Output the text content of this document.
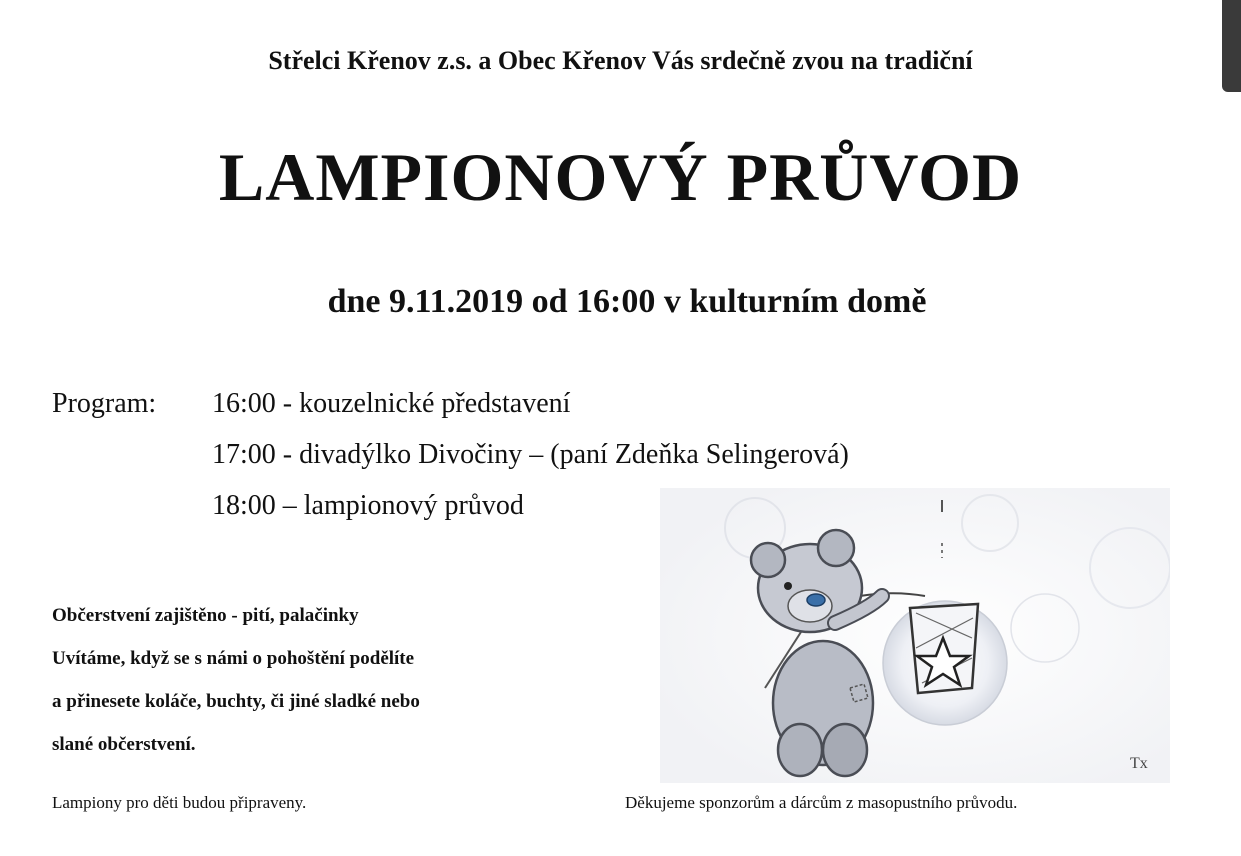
Střelci Křenov z.s. a Obec Křenov Vás srdečně zvou na tradiční
LAMPIONOVÝ PRŮVOD
dne 9.11.2019 od 16:00 v kulturním domě
Program: 16:00 - kouzelnické představení
17:00 - divadýlko Divočiny – (paní Zdeňka Selingerová)
18:00 – lampionový průvod
Občerstvení zajištěno - pití, palačinky
Uvítáme, když se s námi o pohoštění podělíte
a přinesete koláče, buchty, či jiné sladké nebo
slané občerstvení.
Tx
Lampiony pro děti budou připraveny.	Děkujeme sponzorům a dárcům z masopustního průvodu.
